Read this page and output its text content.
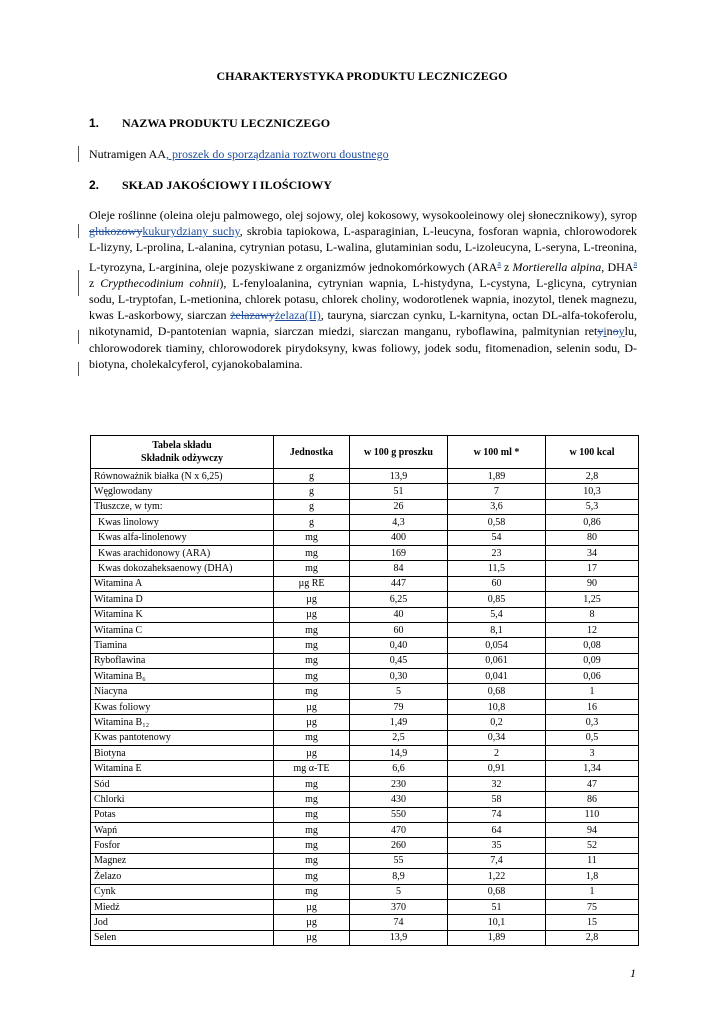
CHARAKTERYSTYKA PRODUKTU LECZNICZEGO
1. NAZWA PRODUKTU LECZNICZEGO
Nutramigen AA, proszek do sporządzania roztworu doustnego
2. SKŁAD JAKOŚCIOWY I ILOŚCIOWY
Oleje roślinne (oleina oleju palmowego, olej sojowy, olej kokosowy, wysokooleinowy olej słonecznikowy), syrop glukozowykukurydziany suchy, skrobia tapiokowa, L-asparaginian, L-leucyna, fosforan wapnia, chlorowodorek L-lizyny, L-prolina, L-alanina, cytrynian potasu, L-walina, glutaminian sodu, L-izoleucyna, L-seryna, L-treonina, L-tyrozyna, L-arginina, oleje pozyskiwane z organizmów jednokomórkowych (ARA$^a$ z Mortierella alpina, DHA$^a$ z Crypthecodinium cohnii), L-fenyloalanina, cytrynian wapnia, L-histydyna, L-cystyna, L-glicyna, cytrynian sodu, L-tryptofan, L-metionina, chlorek potasu, chlorek choliny, wodorotlenek wapnia, inozytol, tlenek magnezu, kwas L-askorbowy, siarczan żelazawyżelaza(II), tauryna, siarczan cynku, L-karnityna, octan DL-alfa-tokoferolu, nikotynamid, D-pantotenian wapnia, siarczan miedzi, siarczan manganu, ryboflawina, palmitynian retyinoylu, chlorowodorek tiaminy, chlorowodorek pirydoksyny, kwas foliowy, jodek sodu, fitomenadion, selenin sodu, D-biotyna, cholekalcyferol, cyjanokobalamina.
Tabela składu
Składnik odżywczy	Jednostka	w 100 g proszku	w 100 ml *	w 100 kcal
Równoważnik białka (N x 6,25)	g	13,9	1,89	2,8
Węglowodany	g	51	7	10,3
Tłuszcze, w tym:	g	26	3,6	5,3
Kwas linolowy	g	4,3	0,58	0,86
Kwas alfa-linolenowy	mg	400	54	80
Kwas arachidonowy (ARA)	mg	169	23	34
Kwas dokozaheksaenowy (DHA)	mg	84	11,5	17
Witamina A	µg RE	447	60	90
Witamina D	µg	6,25	0,85	1,25
Witamina K	µg	40	5,4	8
Witamina C	mg	60	8,1	12
Tiamina	mg	0,40	0,054	0,08
Ryboflawina	mg	0,45	0,061	0,09
Witamina B₆	mg	0,30	0,041	0,06
Niacyna	mg	5	0,68	1
Kwas foliowy	µg	79	10,8	16
Witamina B₁₂	µg	1,49	0,2	0,3
Kwas pantotenowy	mg	2,5	0,34	0,5
Biotyna	µg	14,9	2	3
Witamina E	mg α-TE	6,6	0,91	1,34
Sód	mg	230	32	47
Chlorki	mg	430	58	86
Potas	mg	550	74	110
Wapń	mg	470	64	94
Fosfor	mg	260	35	52
Magnez	mg	55	7,4	11
Żelazo	mg	8,9	1,22	1,8
Cynk	mg	5	0,68	1
Miedź	µg	370	51	75
Jod	µg	74	10,1	15
Selen	µg	13,9	1,89	2,8
1
